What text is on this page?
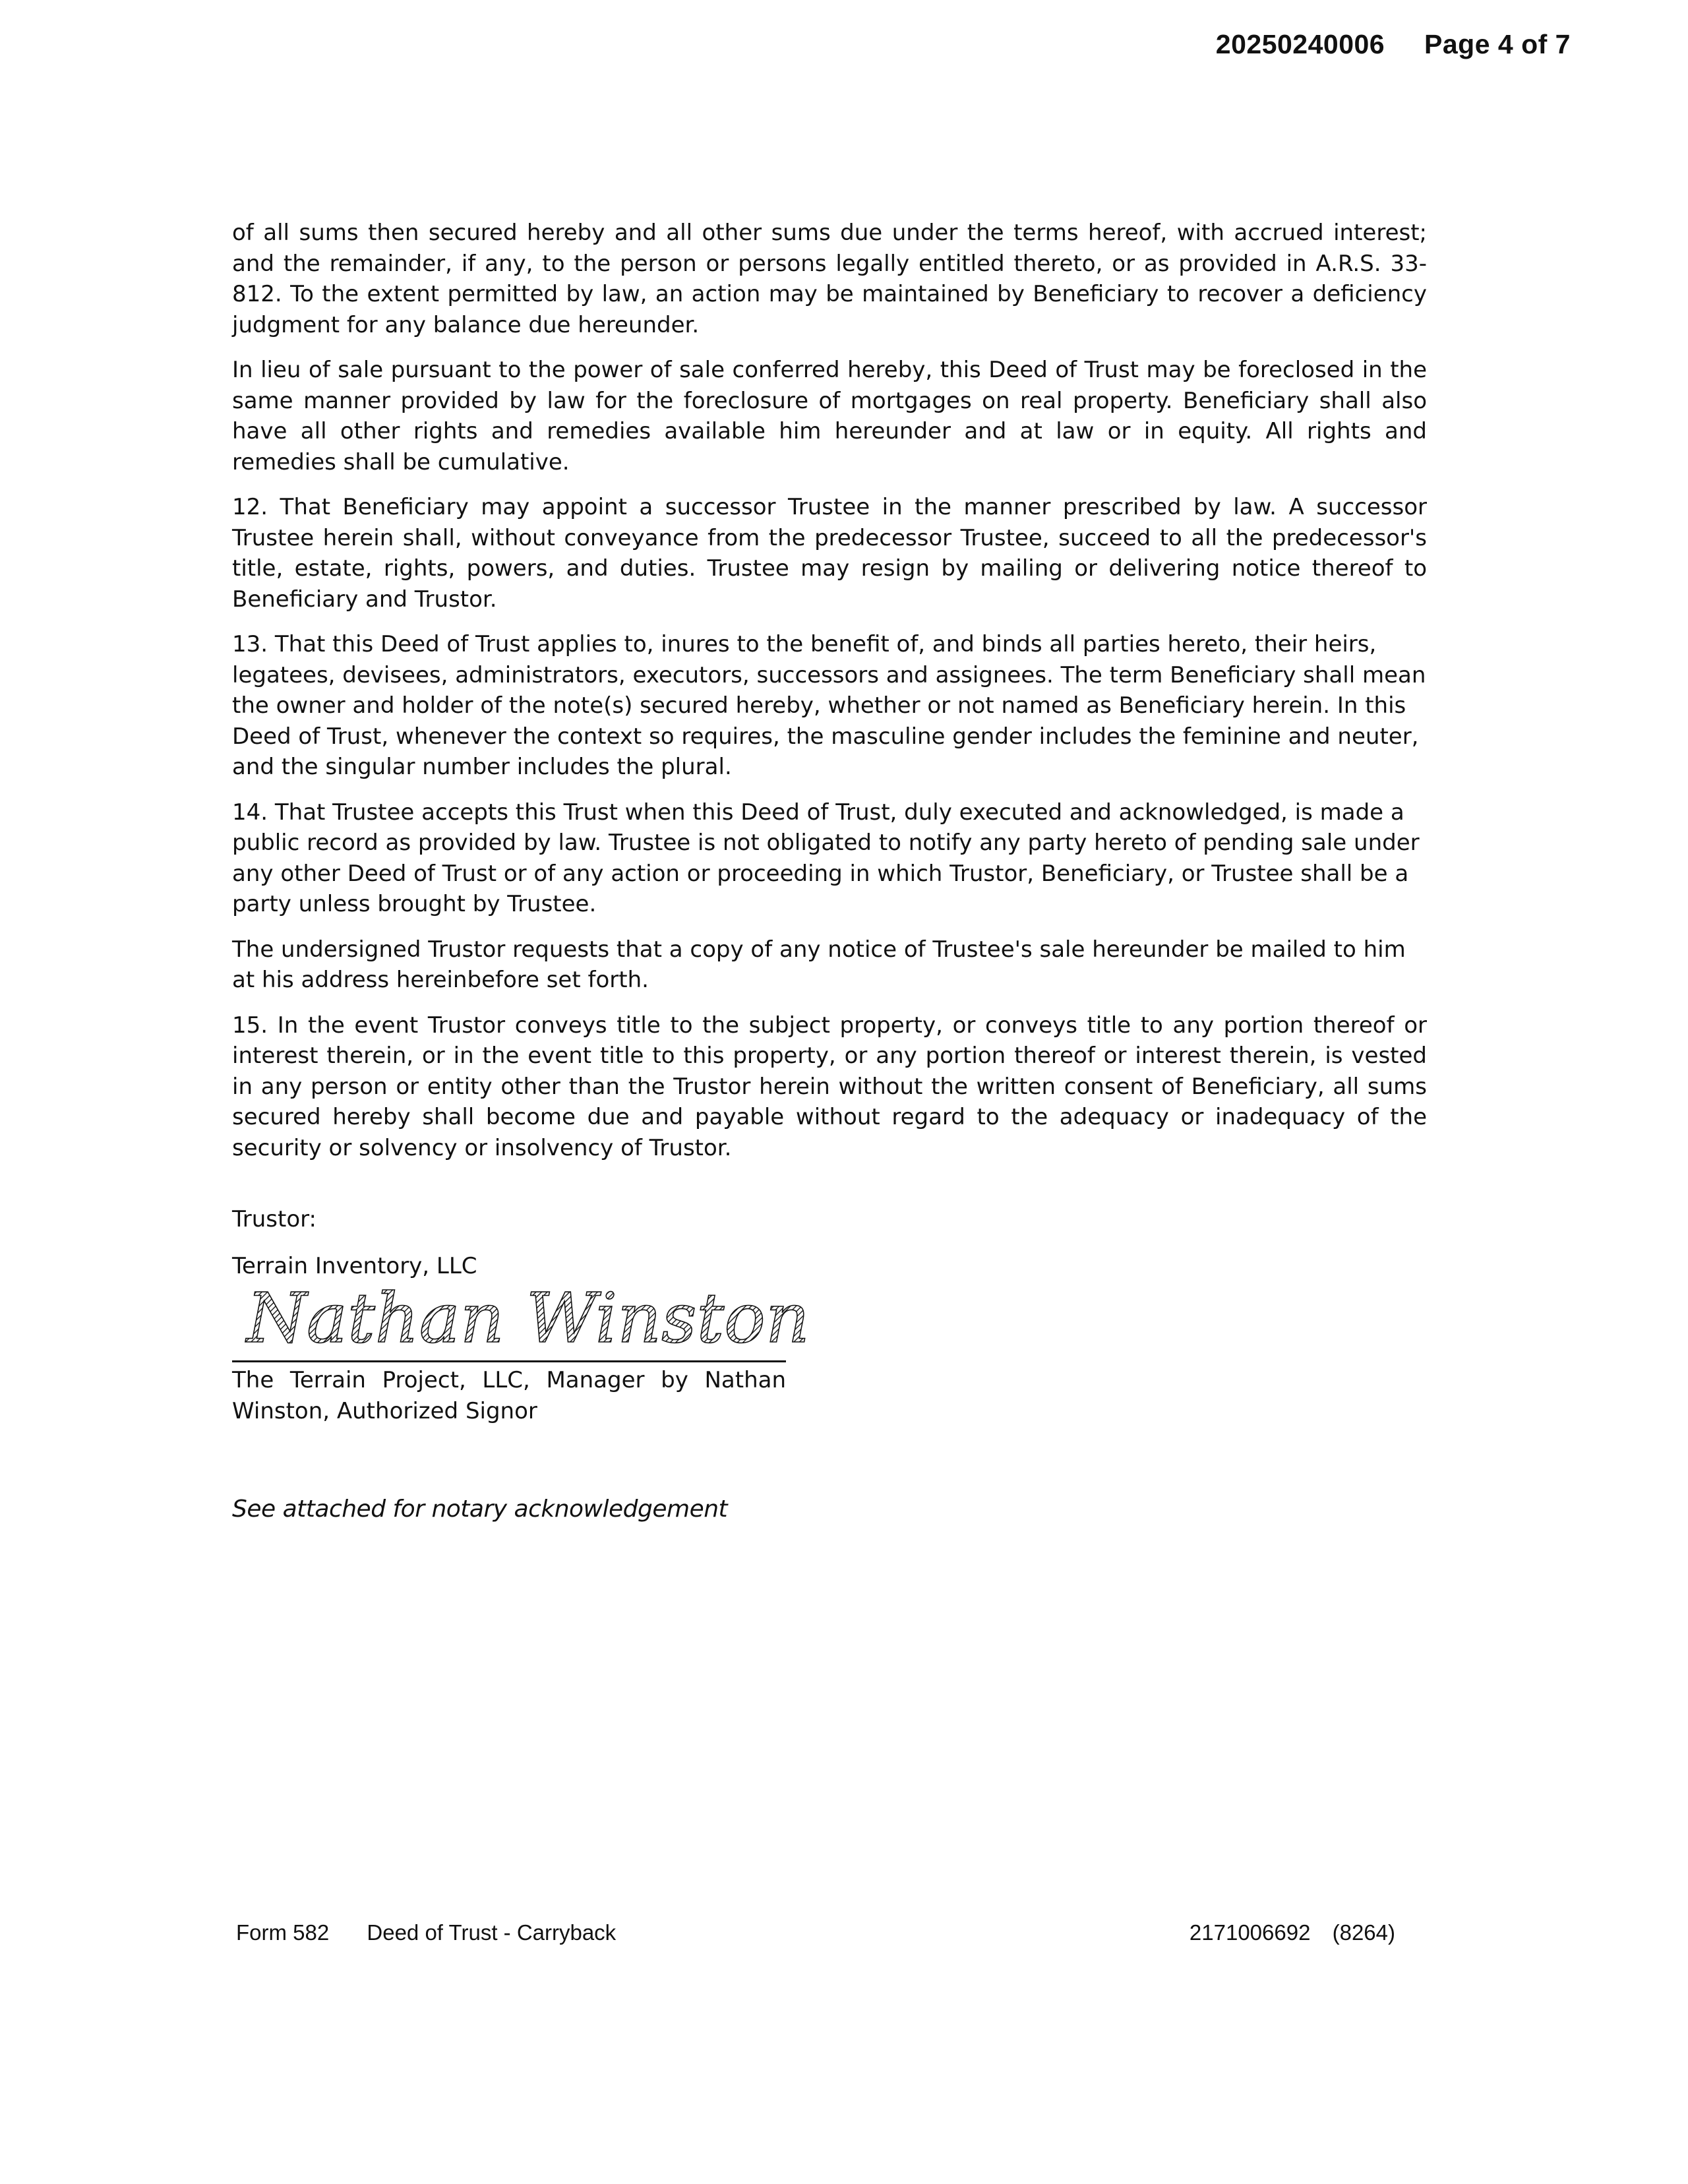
20250240006 Page 4 of 7

of all sums then secured hereby and all other sums due under the terms hereof, with accrued interest; and the remainder, if any, to the person or persons legally entitled thereto, or as provided in A.R.S. 33-812. To the extent permitted by law, an action may be maintained by Beneficiary to recover a deficiency judgment for any balance due hereunder.

In lieu of sale pursuant to the power of sale conferred hereby, this Deed of Trust may be foreclosed in the same manner provided by law for the foreclosure of mortgages on real property. Beneficiary shall also have all other rights and remedies available him hereunder and at law or in equity. All rights and remedies shall be cumulative.

12. That Beneficiary may appoint a successor Trustee in the manner prescribed by law. A successor Trustee herein shall, without conveyance from the predecessor Trustee, succeed to all the predecessor's title, estate, rights, powers, and duties. Trustee may resign by mailing or delivering notice thereof to Beneficiary and Trustor.

13. That this Deed of Trust applies to, inures to the benefit of, and binds all parties hereto, their heirs, legatees, devisees, administrators, executors, successors and assignees. The term Beneficiary shall mean the owner and holder of the note(s) secured hereby, whether or not named as Beneficiary herein. In this Deed of Trust, whenever the context so requires, the masculine gender includes the feminine and neuter, and the singular number includes the plural.

14. That Trustee accepts this Trust when this Deed of Trust, duly executed and acknowledged, is made a public record as provided by law. Trustee is not obligated to notify any party hereto of pending sale under any other Deed of Trust or of any action or proceeding in which Trustor, Beneficiary, or Trustee shall be a party unless brought by Trustee.

The undersigned Trustor requests that a copy of any notice of Trustee's sale hereunder be mailed to him at his address hereinbefore set forth.

15. In the event Trustor conveys title to the subject property, or conveys title to any portion thereof or interest therein, or in the event title to this property, or any portion thereof or interest therein, is vested in any person or entity other than the Trustor herein without the written consent of Beneficiary, all sums secured hereby shall become due and payable without regard to the adequacy or inadequacy of the security or solvency or insolvency of Trustor.

Trustor:
Terrain Inventory, LLC
Nathan Winston
The Terrain Project, LLC, Manager by Nathan Winston, Authorized Signor
See attached for notary acknowledgement
Form 582 Deed of Trust - Carryback	2171006692 (8264)
